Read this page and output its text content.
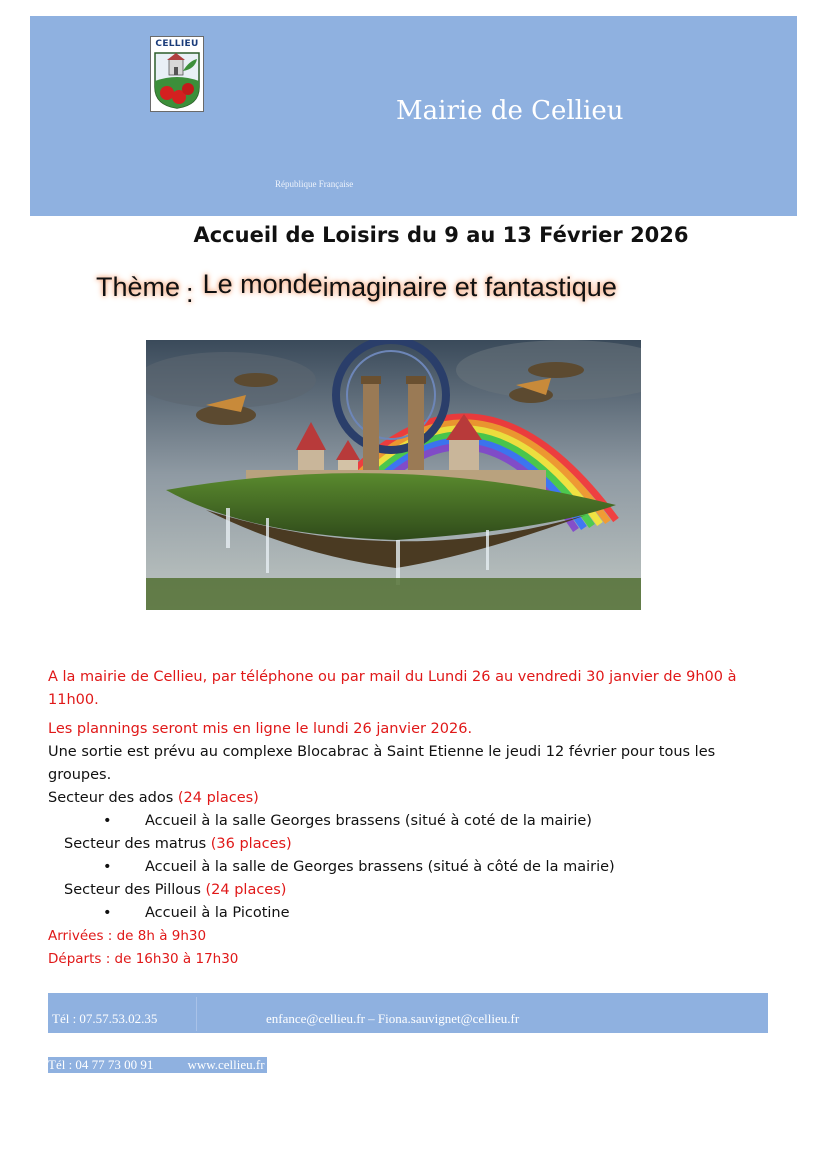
CELLIEU
Mairie de Cellieu
République Française
Accueil de Loisirs du 9 au 13 Février 2026
Thème : Le mondeimaginaire et fantastique
A la mairie de Cellieu, par téléphone ou par mail du Lundi 26 au vendredi 30 janvier de 9h00 à 11h00.
Les plannings seront mis en ligne le lundi 26 janvier 2026.
Une sortie est prévu au complexe Blocabrac à Saint Etienne le jeudi 12 février pour tous les groupes.
Secteur des ados (24 places)
• Accueil à la salle Georges brassens (situé à coté de la mairie)
Secteur des matrus (36 places)
• Accueil à la salle de Georges brassens (situé à côté de la mairie)
Secteur des Pillous (24 places)
• Accueil à la Picotine
Arrivées : de 8h à 9h30
Départs : de 16h30 à 17h30
Tél : 07.57.53.02.35	enfance@cellieu.fr – Fiona.sauvignet@cellieu.fr
Tél : 04 77 73 00 91	www.cellieu.fr
